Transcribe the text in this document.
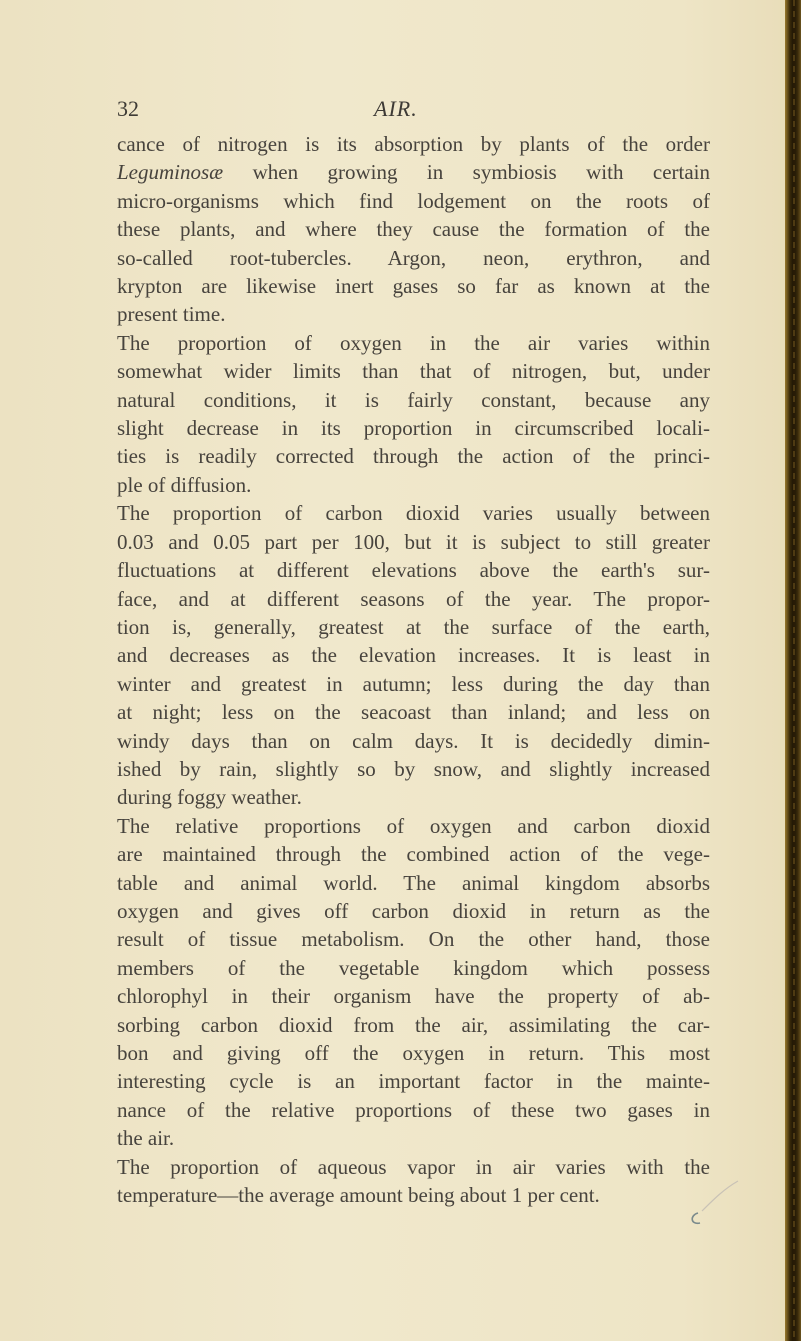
32	AIR.
cance of nitrogen is its absorption by plants of the order
Leguminosæ when growing in symbiosis with certain
micro-organisms which find lodgement on the roots of
these plants, and where they cause the formation of the
so-called root-tubercles. Argon, neon, erythron, and
krypton are likewise inert gases so far as known at the
present time.
The proportion of oxygen in the air varies within
somewhat wider limits than that of nitrogen, but, under
natural conditions, it is fairly constant, because any
slight decrease in its proportion in circumscribed locali-
ties is readily corrected through the action of the princi-
ple of diffusion.
The proportion of carbon dioxid varies usually between
0.03 and 0.05 part per 100, but it is subject to still greater
fluctuations at different elevations above the earth's sur-
face, and at different seasons of the year. The propor-
tion is, generally, greatest at the surface of the earth,
and decreases as the elevation increases. It is least in
winter and greatest in autumn; less during the day than
at night; less on the seacoast than inland; and less on
windy days than on calm days. It is decidedly dimin-
ished by rain, slightly so by snow, and slightly increased
during foggy weather.
The relative proportions of oxygen and carbon dioxid
are maintained through the combined action of the vege-
table and animal world. The animal kingdom absorbs
oxygen and gives off carbon dioxid in return as the
result of tissue metabolism. On the other hand, those
members of the vegetable kingdom which possess
chlorophyl in their organism have the property of ab-
sorbing carbon dioxid from the air, assimilating the car-
bon and giving off the oxygen in return. This most
interesting cycle is an important factor in the mainte-
nance of the relative proportions of these two gases in
the air.
The proportion of aqueous vapor in air varies with the
temperature—the average amount being about 1 per cent.
